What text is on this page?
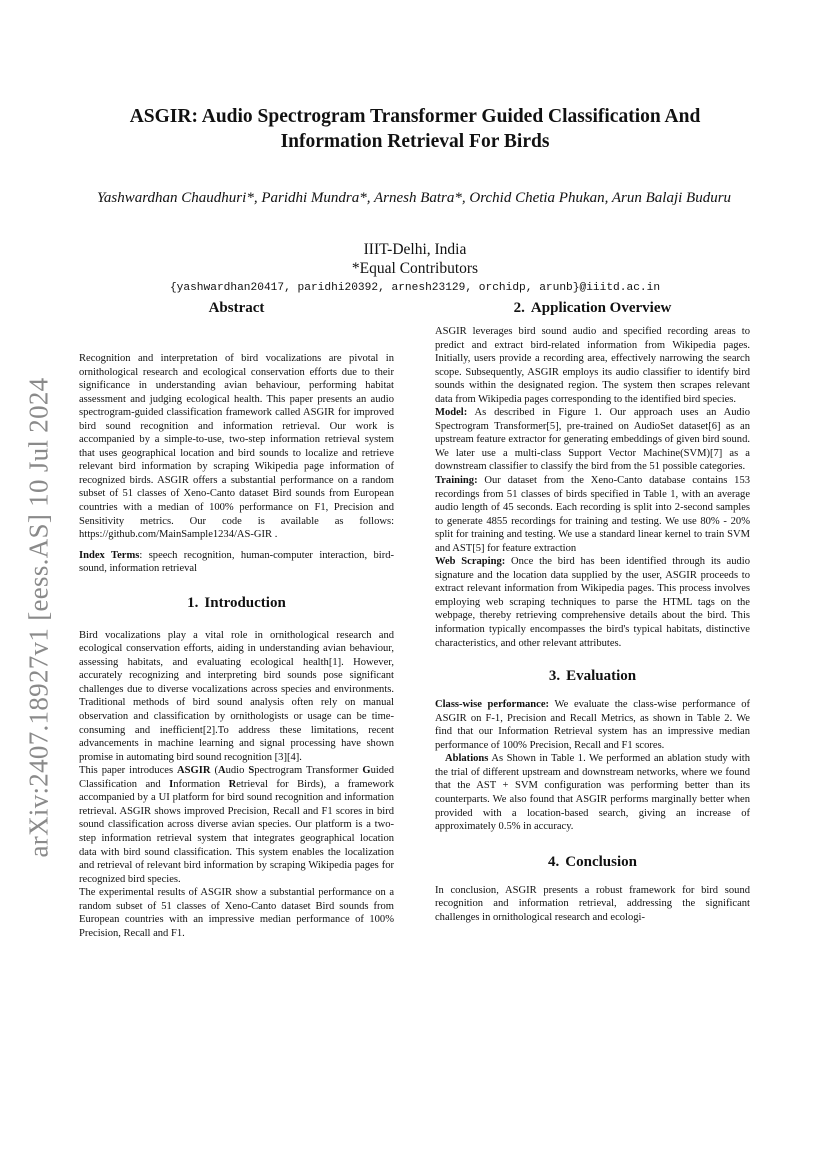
arXiv:2407.18927v1 [eess.AS] 10 Jul 2024
ASGIR: Audio Spectrogram Transformer Guided Classification And Information Retrieval For Birds
Yashwardhan Chaudhuri*, Paridhi Mundra*, Arnesh Batra*, Orchid Chetia Phukan, Arun Balaji Buduru
IIIT-Delhi, India
*Equal Contributors
{yashwardhan20417, paridhi20392, arnesh23129, orchidp, arunb}@iiitd.ac.in
Abstract

Recognition and interpretation of bird vocalizations are pivotal in ornithological research and ecological conservation efforts due to their significance in understanding avian behaviour, performing habitat assessment and judging ecological health. This paper presents an audio spectrogram-guided classification framework called ASGIR for improved bird sound recognition and information retrieval. Our work is accompanied by a simple-to-use, two-step information retrieval system that uses geographical location and bird sounds to localize and retrieve relevant bird information by scraping Wikipedia page information of recognized birds. ASGIR offers a substantial performance on a random subset of 51 classes of Xeno-Canto dataset Bird sounds from European countries with a median of 100% performance on F1, Precision and Sensitivity metrics. Our code is available as follows: https://github.com/MainSample1234/AS-GIR .

Index Terms: speech recognition, human-computer interaction, bird-sound, information retrieval

1. Introduction

Bird vocalizations play a vital role in ornithological research and ecological conservation efforts, aiding in understanding avian behaviour, assessing habitats, and evaluating ecological health[1]. However, accurately recognizing and interpreting bird sounds pose significant challenges due to diverse vocalizations across species and environments. Traditional methods of bird sound analysis often rely on manual observation and classification by ornithologists or usage can be time-consuming and inefficient[2].To address these limitations, recent advancements in machine learning and signal processing have shown promise in automating bird sound recognition [3][4].

This paper introduces ASGIR (Audio Spectrogram Transformer Guided Classification and Information Retrieval for Birds), a framework accompanied by a UI platform for bird sound recognition and information retrieval. ASGIR shows improved Precision, Recall and F1 scores in bird sound classification across diverse avian species. Our platform is a two-step information retrieval system that integrates geographical location data with bird sound classification. This system enables the localization and retrieval of relevant bird information by scraping Wikipedia pages for recognized bird species.

The experimental results of ASGIR show a substantial performance on a random subset of 51 classes of Xeno-Canto dataset Bird sounds from European countries with an impressive median performance of 100% Precision, Recall and F1.

2. Application Overview

ASGIR leverages bird sound audio and specified recording areas to predict and extract bird-related information from Wikipedia pages. Initially, users provide a recording area, effectively narrowing the search scope. Subsequently, ASGIR employs its audio classifier to identify bird sounds within the designated region. The system then scrapes relevant data from Wikipedia pages corresponding to the identified bird species.

Model: As described in Figure 1. Our approach uses an Audio Spectrogram Transformer[5], pre-trained on AudioSet dataset[6] as an upstream feature extractor for generating embeddings of given bird sound. We later use a multi-class Support Vector Machine(SVM)[7] as a downstream classifier to classify the bird from the 51 possible categories.

Training: Our dataset from the Xeno-Canto database contains 153 recordings from 51 classes of birds specified in Table 1, with an average audio length of 45 seconds. Each recording is split into 2-second samples to generate 4855 recordings for training and testing. We use 80% - 20% split for training and testing. We use a standard linear kernel to train SVM and AST[5] for feature extraction

Web Scraping: Once the bird has been identified through its audio signature and the location data supplied by the user, ASGIR proceeds to extract relevant information from Wikipedia pages. This process involves employing web scraping techniques to parse the HTML tags on the webpage, thereby retrieving comprehensive details about the bird. This information typically encompasses the bird's typical habitats, distinctive characteristics, and other relevant attributes.

3. Evaluation

Class-wise performance: We evaluate the class-wise performance of ASGIR on F-1, Precision and Recall Metrics, as shown in Table 2. We find that our Information Retrieval system has an impressive median performance of 100% Precision, Recall and F1 scores.

Ablations As Shown in Table 1. We performed an ablation study with the trial of different upstream and downstream networks, where we found that the AST + SVM configuration was performing better than its counterparts. We also found that ASGIR performs marginally better when provided with a location-based search, giving an increase of approximately 0.5% in accuracy.

4. Conclusion

In conclusion, ASGIR presents a robust framework for bird sound recognition and information retrieval, addressing the significant challenges in ornithological research and ecologi-
